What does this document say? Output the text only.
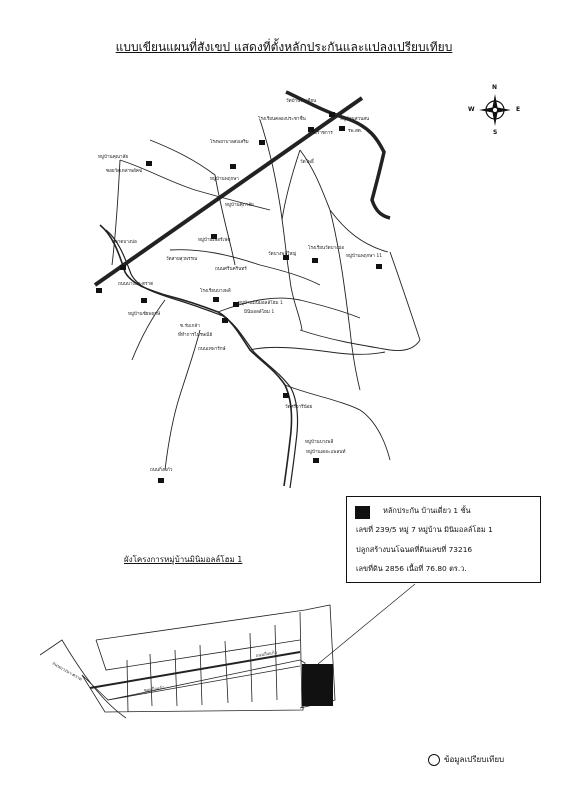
แบบเขียนแผนที่สังเขป แสดงที่ตั้งหลักประกันและแปลงเปรียบเทียบ
N
S
W	E
วัดบ้านท่าเตียน
โรงเรียนคลองประชาชื่น
ศูนย์ราชการ
หมู่บ้านสวนสน
รพ.สต.
โรงพยาบาลส่งเสริม
หมู่บ้านคุณาลัย
ซอยวัดเหล่าพยัคฆ์
วัดโพธิ์
หมู่บ้านพฤกษา
หมู่บ้านศุภาลัย
หมู่บ้านเพอร์เฟค
ตลาดบางบ่อ
โรงเรียนวัดบางบ่อ
หมู่บ้านมินิมอลล์โฮม 1
หมู่บ้านพฤกษา 11
วัดสายสุวพรรณ
ถนนศรีนครินทร์
วัดบางพลีใหญ่
โรงเรียนบางพลี
ถนนบางนา-ตราด
หมู่บ้านชัยพฤกษ์
ซ.ร่มเกล้า
ที่ทำการไปรษณีย์
ถนนเทพารักษ์
วัดศรีวารีน้อย
หมู่บ้านบางพลี
หมู่บ้านเดอะแพลนท์
มินิมอลล์โฮม 1
ถนนกิ่งแก้ว
ถนนกิ่งแก้ว
ถนนบางนา-ตราด
ซอยกิ่งแก้ว
ผังโครงการหมู่บ้านมินิมอลล์โฮม 1
หลักประกัน บ้านเดี่ยว 1 ชั้น
เลขที่ 239/5 หมู่ 7 หมู่บ้าน มินิมอลล์โฮม 1
ปลูกสร้างบนโฉนดที่ดินเลขที่ 73216
เลขที่ดิน 2856 เนื้อที่ 76.80 ตร.ว.
ข้อมูลเปรียบเทียบ
